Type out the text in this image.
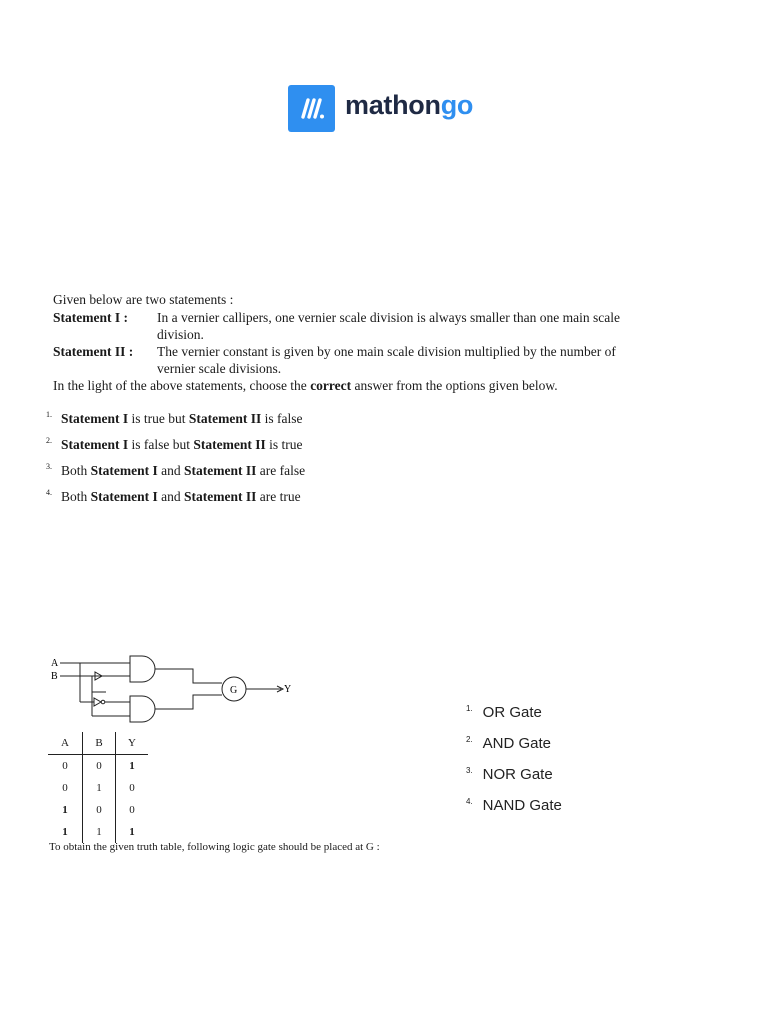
mathongo
Given below are two statements :
Statement I : In a vernier callipers, one vernier scale division is always smaller than one main scale division.
Statement II : The vernier constant is given by one main scale division multiplied by the number of vernier scale divisions.
In the light of the above statements, choose the correct answer from the options given below.
$^{1.}$ Statement I is true but Statement II is false
$^{2.}$ Statement I is false but Statement II is true
$^{3.}$ Both Statement I and Statement II are false
$^{4.}$ Both Statement I and Statement II are true
A
B
G	Y
A	B	Y
0	0	1
0	1	0
1	0	0
1	1	1
To obtain the given truth table, following logic gate should be placed at G :
$^{1.}$ OR Gate
$^{2.}$ AND Gate
$^{3.}$ NOR Gate
$^{4.}$ NAND Gate
